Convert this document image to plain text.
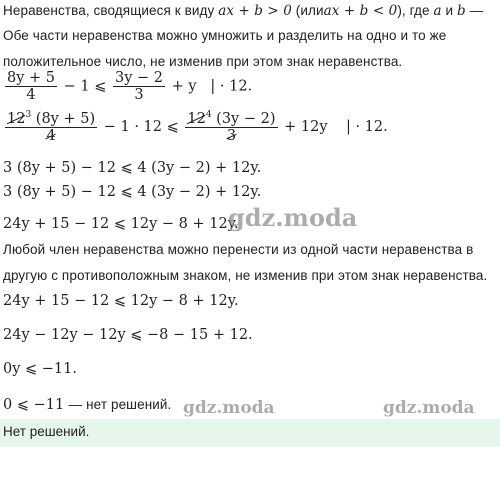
Неравенства, сводящиеся к виду ax + b > 0 (илиax + b < 0), где a и b —
Обе части неравенства можно умножить и разделить на одно и то же
положительное число, не изменив при этом знак неравенства.
$\frac{8y + 5}{4} - 1$ ⩽ $\frac{3y - 2}{3} + y$ | · 12.
$\frac{12^3 (8y + 5)}{4} - 1 \cdot 12$ ⩽ $\frac{12^4 (3y - 2)}{3} + 12y$ | · 12.
3 (8y + 5) − 12 ⩽ 4 (3y − 2) + 12y.
3 (8y + 5) − 12 ⩽ 4 (3y − 2) + 12y.
24y + 15 − 12 ⩽ 12y − 8 + 12y.
Любой член неравенства можно перенести из одной части неравенства в
другую с противоположным знаком, не изменив при этом знак неравенства.
24y + 15 − 12 ⩽ 12y − 8 + 12y.
24y − 12y − 12y ⩽ −8 − 15 + 12.
0y ⩽ −11.
0 ⩽ −11 — нет решений.
Нет решений.
gdz.moda
gdz.moda	gdz.moda
